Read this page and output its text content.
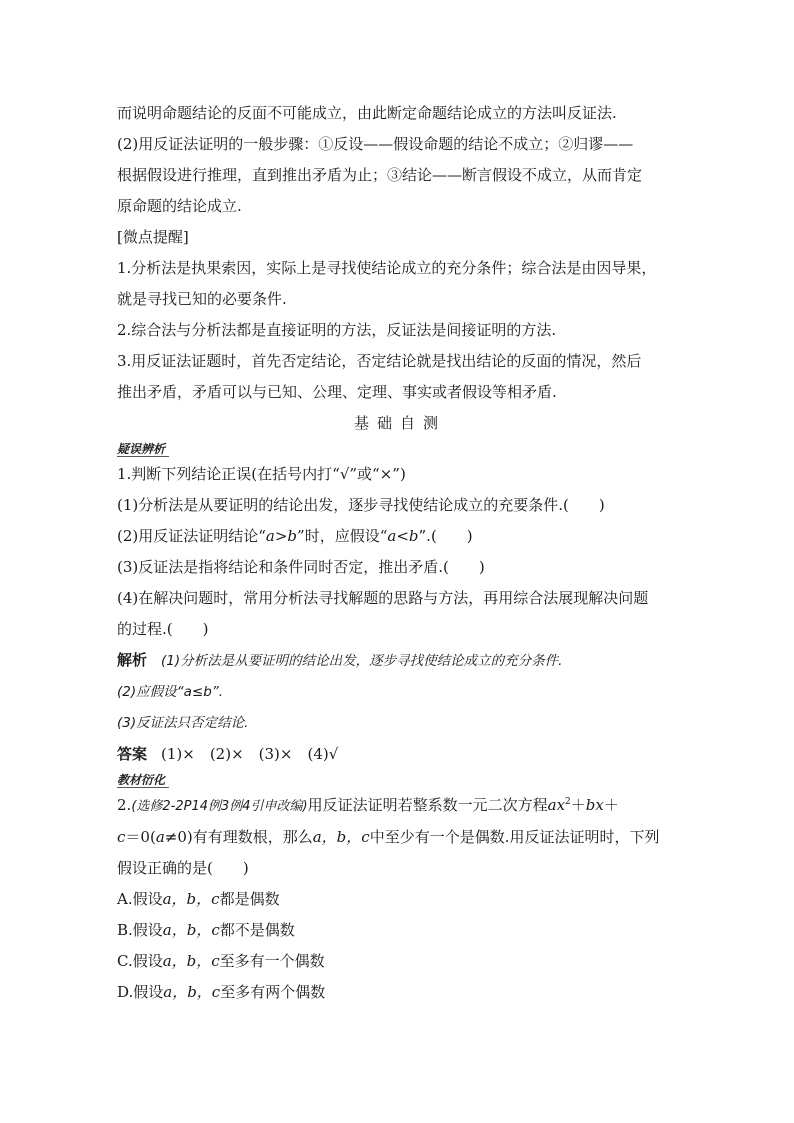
而说明命题结论的反面不可能成立，由此断定命题结论成立的方法叫反证法.

(2)用反证法证明的一般步骤：①反设——假设命题的结论不成立；②归谬——

根据假设进行推理，直到推出矛盾为止；③结论——断言假设不成立，从而肯定

原命题的结论成立.

[微点提醒]

1.分析法是执果索因，实际上是寻找使结论成立的充分条件；综合法是由因导果，

就是寻找已知的必要条件.

2.综合法与分析法都是直接证明的方法，反证法是间接证明的方法.

3.用反证法证题时，首先否定结论，否定结论就是找出结论的反面的情况，然后

推出矛盾，矛盾可以与已知、公理、定理、事实或者假设等相矛盾.

基础自测

疑误辨析

1.判断下列结论正误(在括号内打“√”或“×”)

(1)分析法是从要证明的结论出发，逐步寻找使结论成立的充要条件.(　　)

(2)用反证法证明结论“a>b”时，应假设“a<b”.(　　)

(3)反证法是指将结论和条件同时否定，推出矛盾.(　　)

(4)在解决问题时，常用分析法寻找解题的思路与方法，再用综合法展现解决问题

的过程.(　　)

解析 (1)分析法是从要证明的结论出发，逐步寻找使结论成立的充分条件.

(2)应假设“a≤b”.

(3)反证法只否定结论.

答案 (1)×　(2)×　(3)×　(4)√

教材衍化

2.(选修2-2P14例3例4引申改编)用反证法证明若整系数一元二次方程$ax^2+bx+$

c＝0(a≠0)有有理数根，那么a，b，c中至少有一个是偶数.用反证法证明时，下列

假设正确的是(　　)

A.假设a，b，c都是偶数

B.假设a，b，c都不是偶数

C.假设a，b，c至多有一个偶数

D.假设a，b，c至多有两个偶数
